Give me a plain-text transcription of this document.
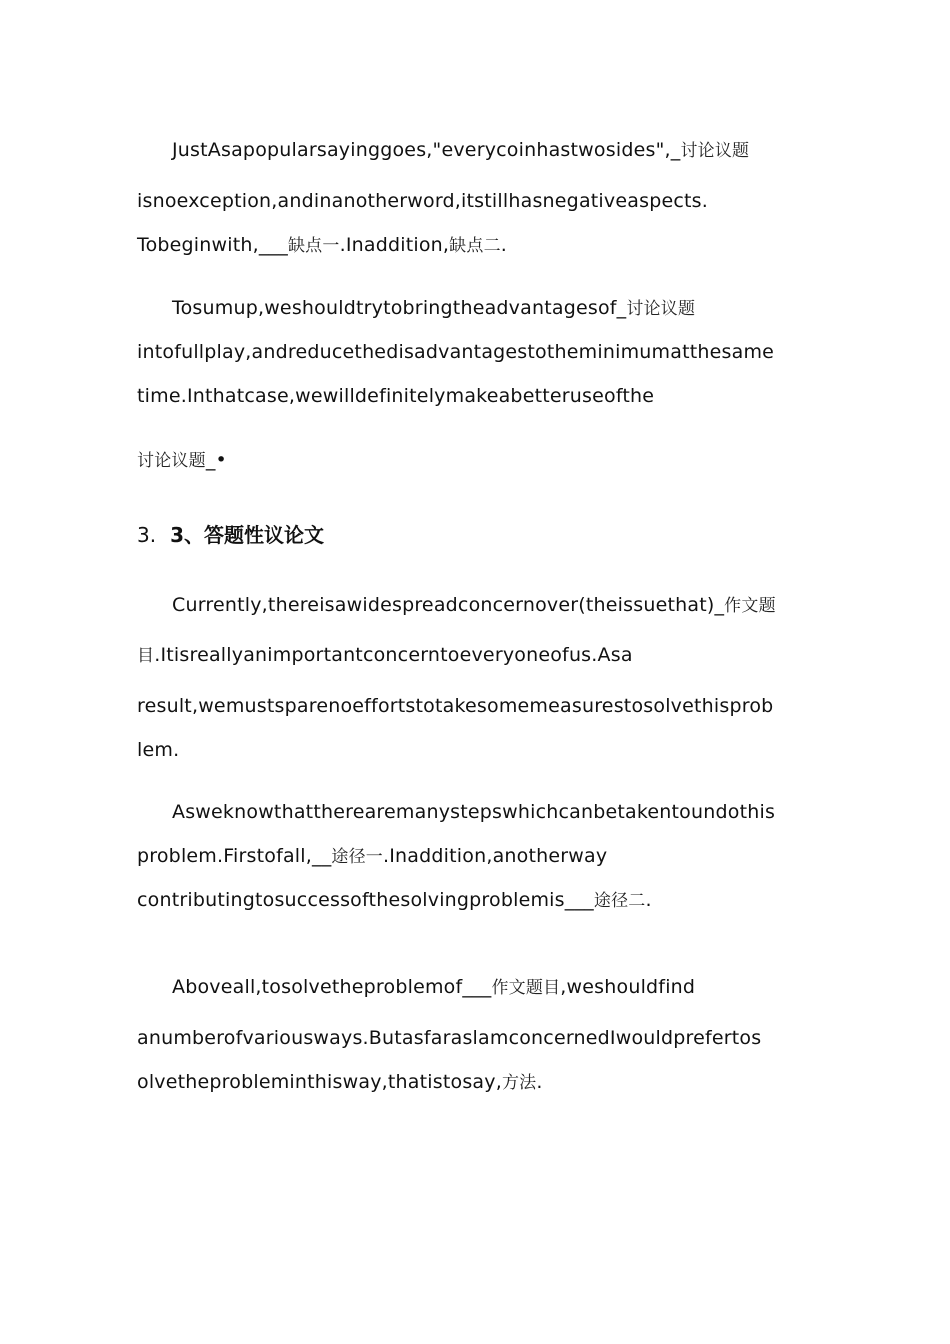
JustAsapopularsayinggoes,"everycoinhastwosides",_讨论议题
isnoexception,andinanotherword,itstillhasnegativeaspects.
Tobeginwith,___缺点一.Inaddition,缺点二.
Tosumup,weshouldtrytobringtheadvantagesof_讨论议题
intofullplay,andreducethedisadvantagestotheminimumatthesame
time.Inthatcase,wewilldefinitelymakeabetteruseofthe
讨论议题_•
3. 3、答题性议论文
Currently,thereisawidespreadconcernover(theissuethat)_作文题
目.Itisreallyanimportantconcerntoeveryoneofus.Asa
result,wemustsparenoeffortstotakesomemeasurestosolvethisprob
lem.
Asweknowthattherearemanystepswhichcanbetakentoundothis
problem.Firstofall,__途径一.Inaddition,anotherway
contributingtosuccessofthesolvingproblemis___途径二.
Aboveall,tosolvetheproblemof___作文题目,weshouldfind
anumberofvariousways.ButasfaraslamconcernedIwouldprefertos
olvetheprobleminthisway,thatistosay,方法.
